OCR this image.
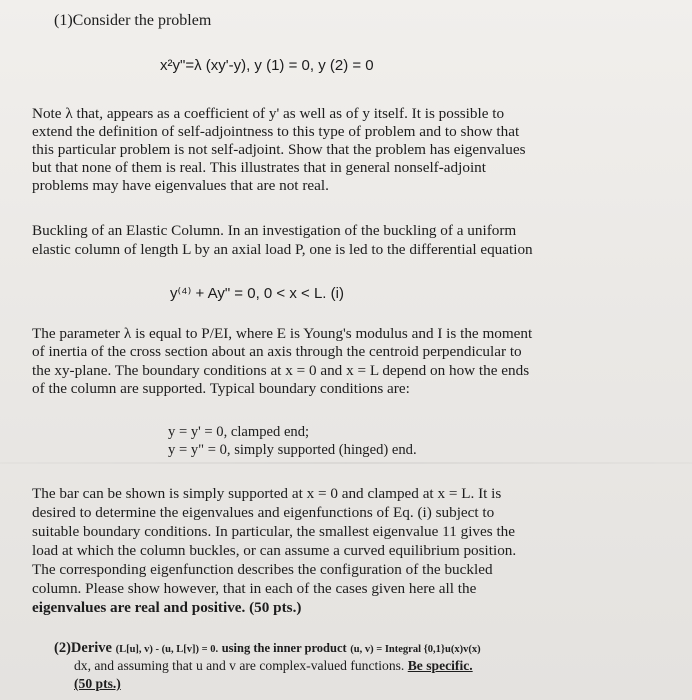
(1)Consider the problem
x²y"=λ (xy'-y), y (1) = 0, y (2) = 0
Note λ that, appears as a coefficient of y' as well as of y itself. It is possible to
extend the definition of self-adjointness to this type of problem and to show that
this particular problem is not self-adjoint. Show that the problem has eigenvalues
but that none of them is real. This illustrates that in general nonself-adjoint
problems may have eigenvalues that are not real.
Buckling of an Elastic Column. In an investigation of the buckling of a uniform
elastic column of length L by an axial load P, one is led to the differential equation
y⁽⁴⁾ + Ay" = 0, 0 < x < L. (i)
The parameter λ is equal to P/EI, where E is Young's modulus and I is the moment
of inertia of the cross section about an axis through the centroid perpendicular to
the xy-plane. The boundary conditions at x = 0 and x = L depend on how the ends
of the column are supported. Typical boundary conditions are:
y = y' = 0, clamped end;
y = y" = 0, simply supported (hinged) end.
The bar can be shown is simply supported at x = 0 and clamped at x = L. It is
desired to determine the eigenvalues and eigenfunctions of Eq. (i) subject to
suitable boundary conditions. In particular, the smallest eigenvalue 11 gives the
load at which the column buckles, or can assume a curved equilibrium position.
The corresponding eigenfunction describes the configuration of the buckled
column. Please show however, that in each of the cases given here all the
eigenvalues are real and positive. (50 pts.)
(2)Derive (L[u], v) - (u, L[v]) = 0. using the inner product (u, v) = Integral {0,1}u(x)v(x)
dx, and assuming that u and v are complex-valued functions. Be specific.
(50 pts.)
